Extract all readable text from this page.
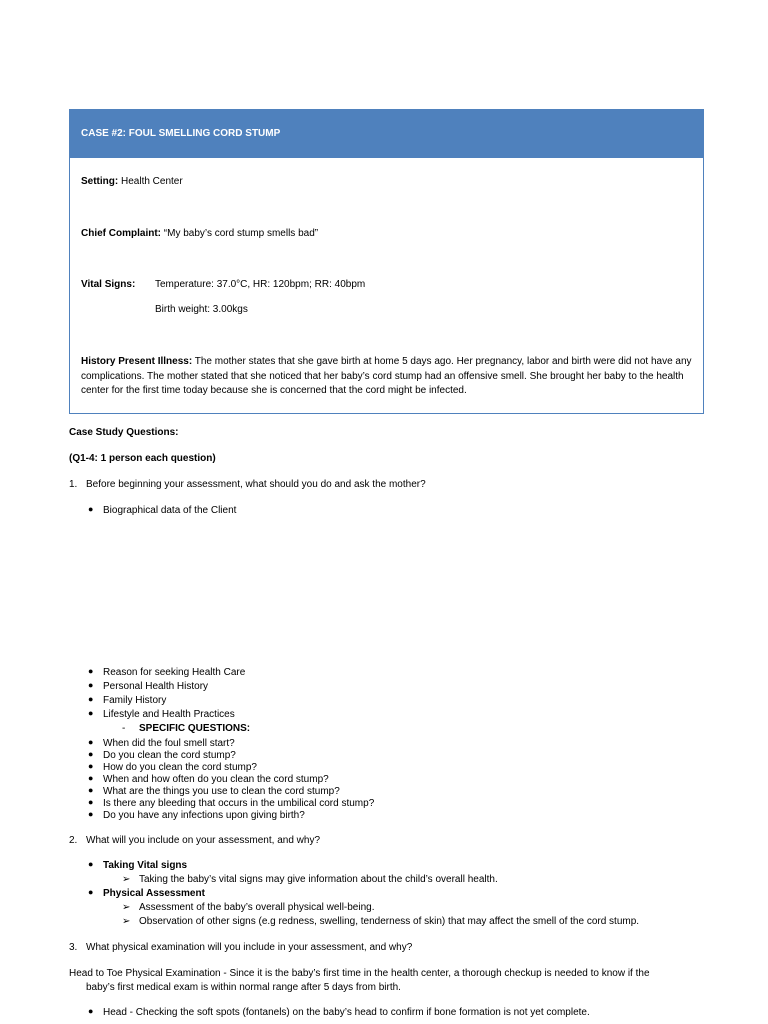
CASE #2: FOUL SMELLING CORD STUMP
Setting: Health Center
Chief Complaint: “My baby’s cord stump smells bad”
Vital Signs: Temperature: 37.0°C, HR: 120bpm; RR: 40bpm
Birth weight: 3.00kgs
History Present Illness: The mother states that she gave birth at home 5 days ago. Her pregnancy, labor and birth were did not have any complications. The mother stated that she noticed that her baby’s cord stump had an offensive smell. She brought her baby to the health center for the first time today because she is concerned that the cord might be infected.
Case Study Questions:
(Q1-4: 1 person each question)
1. Before beginning your assessment, what should you do and ask the mother?
● Biographical data of the Client
● Reason for seeking Health Care
● Personal Health History
● Family History
● Lifestyle and Health Practices
- SPECIFIC QUESTIONS:
● When did the foul smell start?
● Do you clean the cord stump?
● How do you clean the cord stump?
● When and how often do you clean the cord stump?
● What are the things you use to clean the cord stump?
● Is there any bleeding that occurs in the umbilical cord stump?
● Do you have any infections upon giving birth?
2. What will you include on your assessment, and why?
● Taking Vital signs
➢ Taking the baby’s vital signs may give information about the child’s overall health.
● Physical Assessment
➢ Assessment of the baby’s overall physical well-being.
➢ Observation of other signs (e.g redness, swelling, tenderness of skin) that may affect the smell of the cord stump.
3. What physical examination will you include in your assessment, and why?
Head to Toe Physical Examination - Since it is the baby’s first time in the health center, a thorough checkup is needed to know if the
baby’s first medical exam is within normal range after 5 days from birth.
● Head - Checking the soft spots (fontanels) on the baby’s head to confirm if bone formation is not yet complete.
